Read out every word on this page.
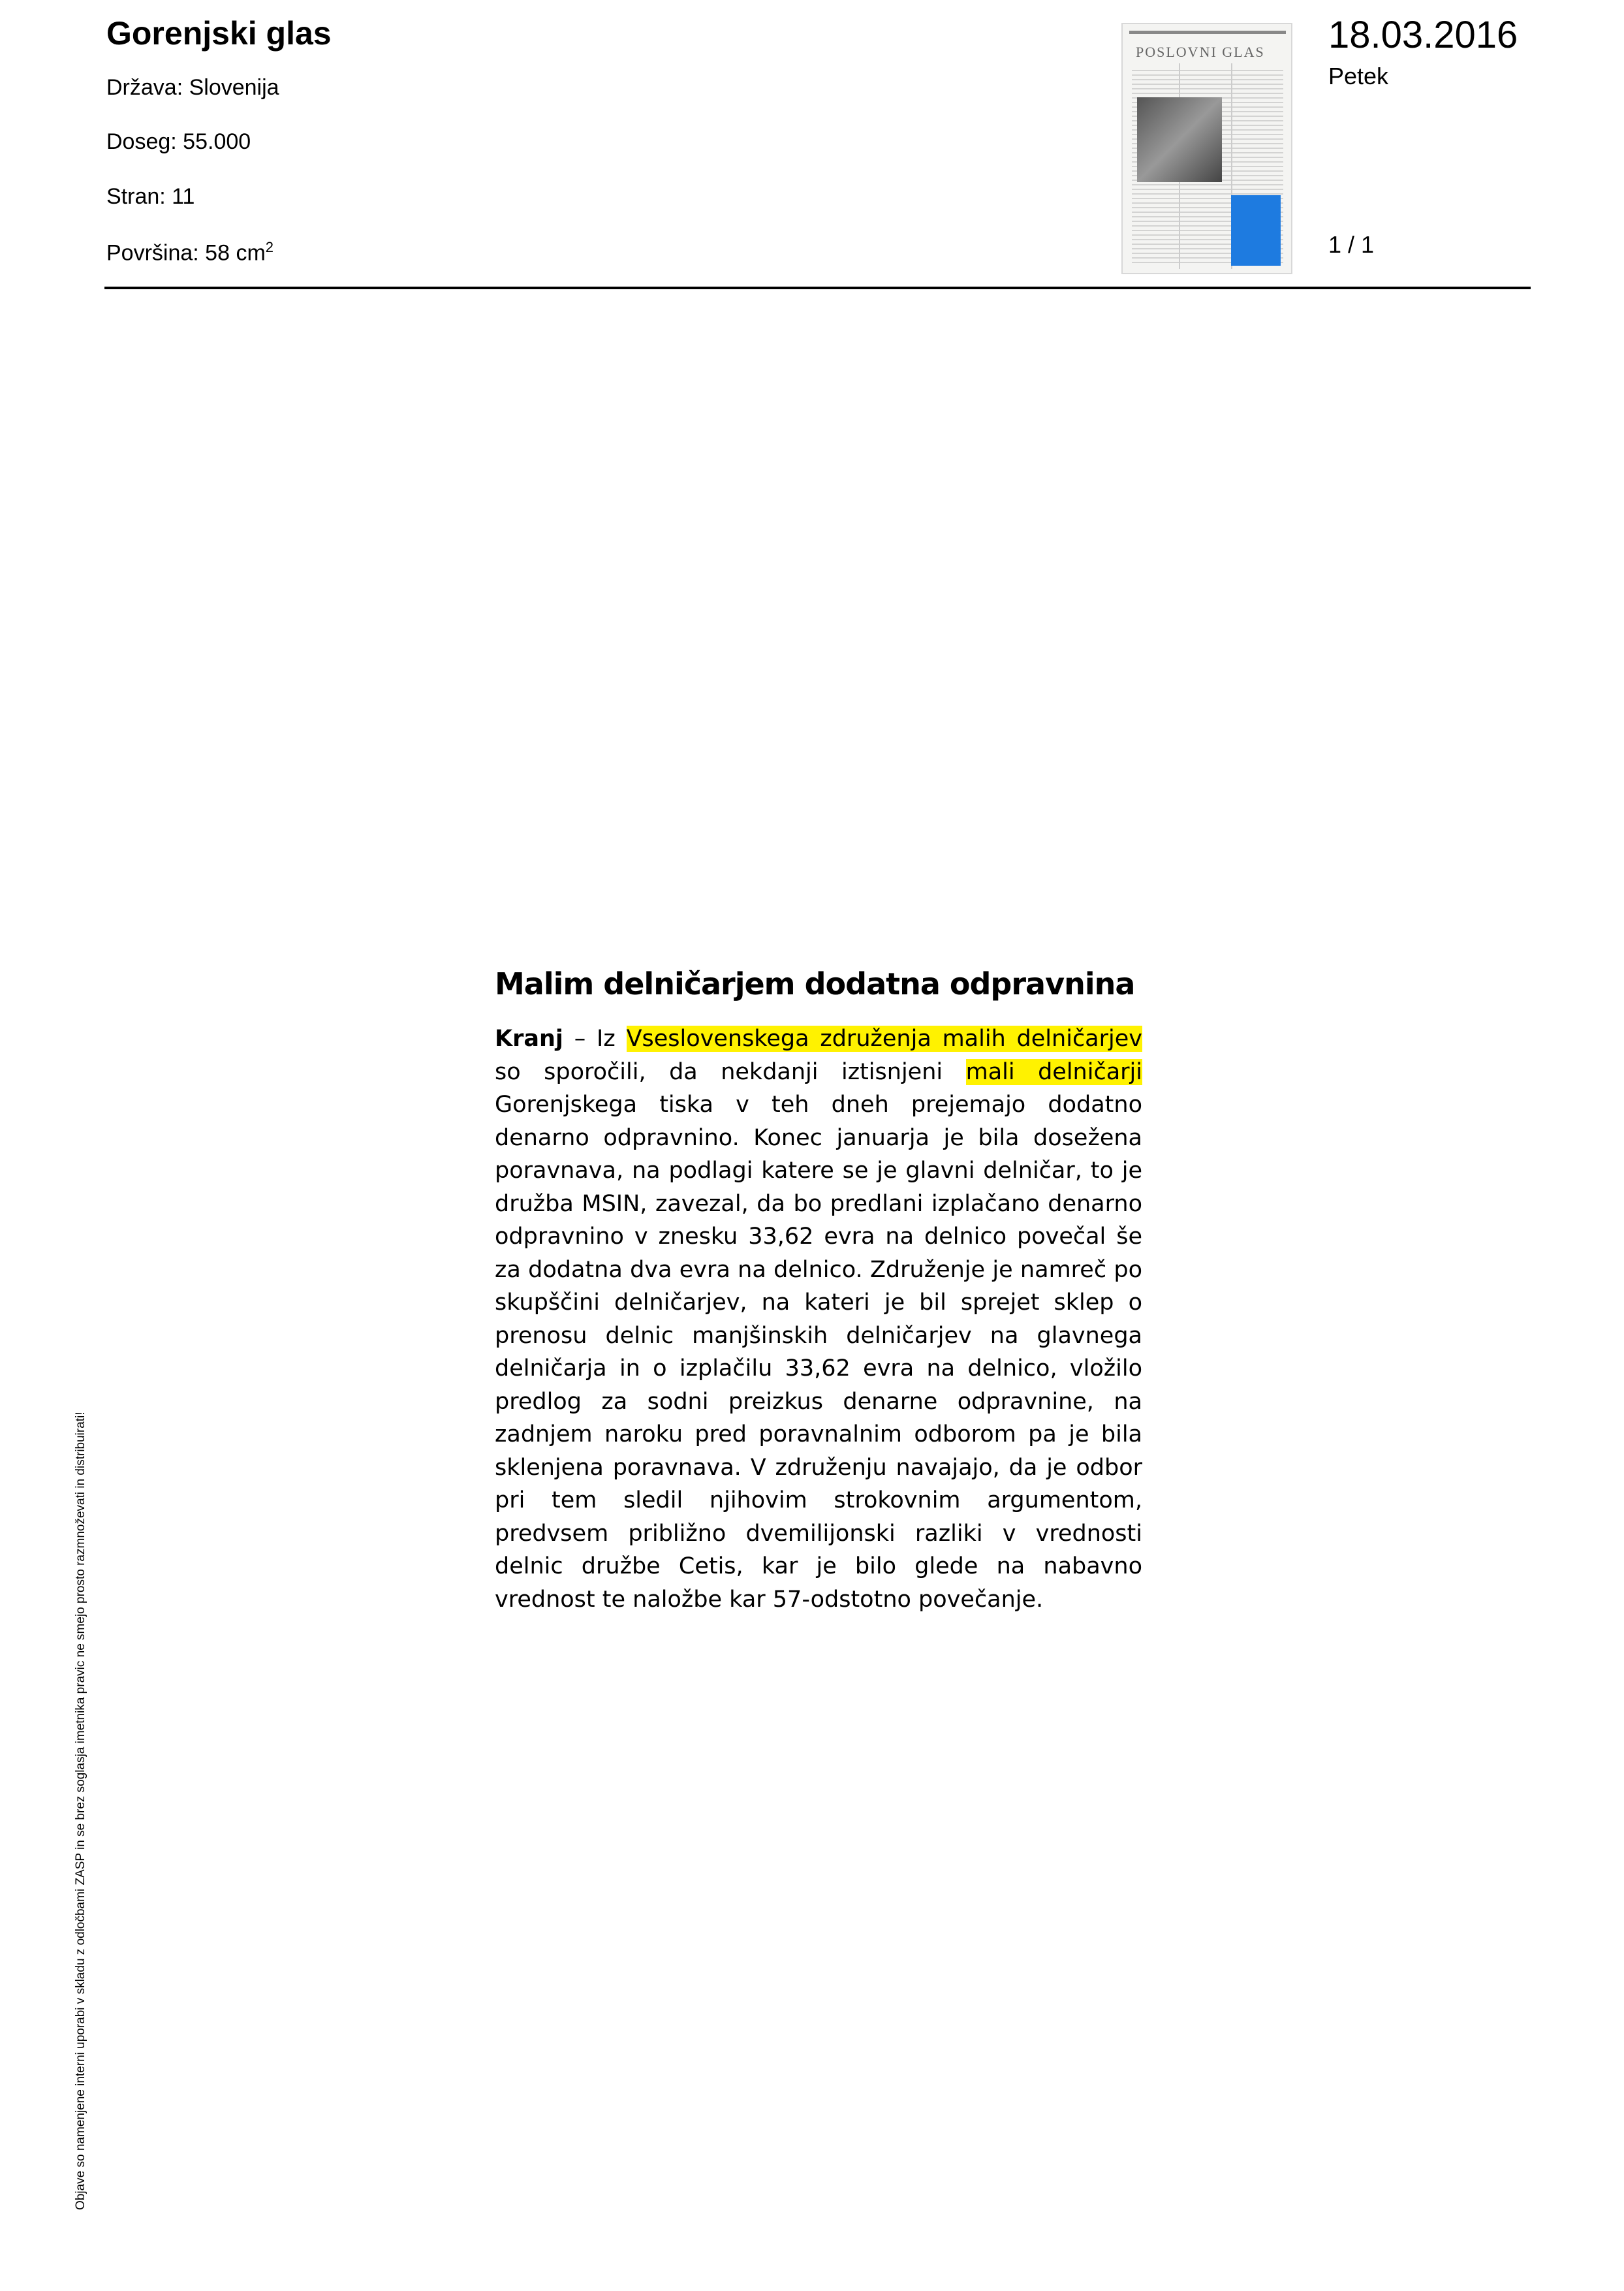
Gorenjski glas
Država: Slovenija
Doseg: 55.000
Stran: 11
Površina: 58 $cm^2$
POSLOVNI GLAS 18.03.2016
Petek
1 / 1
Malim delničarjem dodatna odpravnina
Kranj – Iz Vseslovenskega združenja malih delničarjev so sporočili, da nekdanji iztisnjeni mali delničarji Gorenjskega tiska v teh dneh prejemajo dodatno denarno odpravnino. Konec januarja je bila dosežena poravnava, na podlagi katere se je glavni delničar, to je družba MSIN, zavezal, da bo predlani izplačano denarno odpravnino v znesku 33,62 evra na delnico povečal še za dodatna dva evra na delnico. Združenje je namreč po skupščini delničarjev, na kateri je bil sprejet sklep o prenosu delnic manjšinskih delničarjev na glavnega delničarja in o izplačilu 33,62 evra na delnico, vložilo predlog za sodni preizkus denarne odpravnine, na zadnjem naroku pred poravnalnim odborom pa je bila sklenjena poravnava. V združenju navajajo, da je odbor pri tem sledil njihovim strokovnim argumentom, predvsem približno dvemilijonski razliki v vrednosti delnic družbe Cetis, kar je bilo glede na nabavno vrednost te naložbe kar 57-odstotno povečanje.
Objave so namenjene interni uporabi v skladu z odločbami ZASP in se brez soglasja imetnika pravic ne smejo prosto razmnoževati in distribuirati!
